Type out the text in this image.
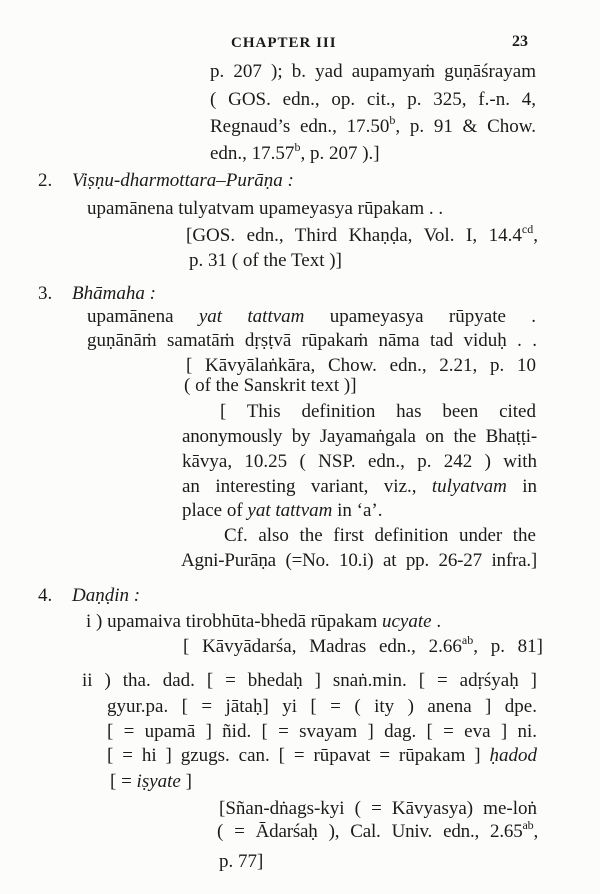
CHAPTER III	23
p. 207 ); b. yad aupamyaṁ guṇāśrayam
( GOS. edn., op. cit., p. 325, f.-n. 4,
Regnaud’s edn., 17.50$^b$, p. 91 & Chow.
edn., 17.57$^b$, p. 207 ).]
2. Viṣṇu-dharmottara–Purāṇa :
upamānena tulyatvam upameyasya rūpakam . .
[GOS. edn., Third Khaṇḍa, Vol. I, 14.4$^{cd}$,
p. 31 ( of the Text )]
3. Bhāmaha :
upamānena yat tattvam upameyasya rūpyate .
guṇānāṁ samatāṁ dṛṣṭvā rūpakaṁ nāma tad viduḥ . .
[ Kāvyālaṅkāra, Chow. edn., 2.21, p. 10
( of the Sanskrit text )]
[ This definition has been cited
anonymously by Jayamaṅgala on the Bhaṭṭi-
kāvya, 10.25 ( NSP. edn., p. 242 ) with
an interesting variant, viz., tulyatvam in
place of yat tattvam in ‘a’.
Cf. also the first definition under the
Agni-Purāṇa (=No. 10.i) at pp. 26-27 infra.]
4. Daṇḍin :
i ) upamaiva tirobhūta-bhedā rūpakam ucyate .
[ Kāvyādarśa, Madras edn., 2.66$^{ab}$, p. 81]
ii ) tha. dad. [ = bhedaḥ ] snaṅ.min. [ = adṛśyaḥ ]
gyur.pa. [ = jātaḥ] yi [ = ( ity ) anena ] dpe.
[ = upamā ] ñid. [ = svayam ] dag. [ = eva ] ni.
[ = hi ] gzugs. can. [ = rūpavat = rūpakam ] ḥadod
[ = iṣyate ]
[Sñan-dṅags-kyi ( = Kāvyasya) me-loṅ
( = Ādarśaḥ ), Cal. Univ. edn., 2.65$^{ab}$,
p. 77]
